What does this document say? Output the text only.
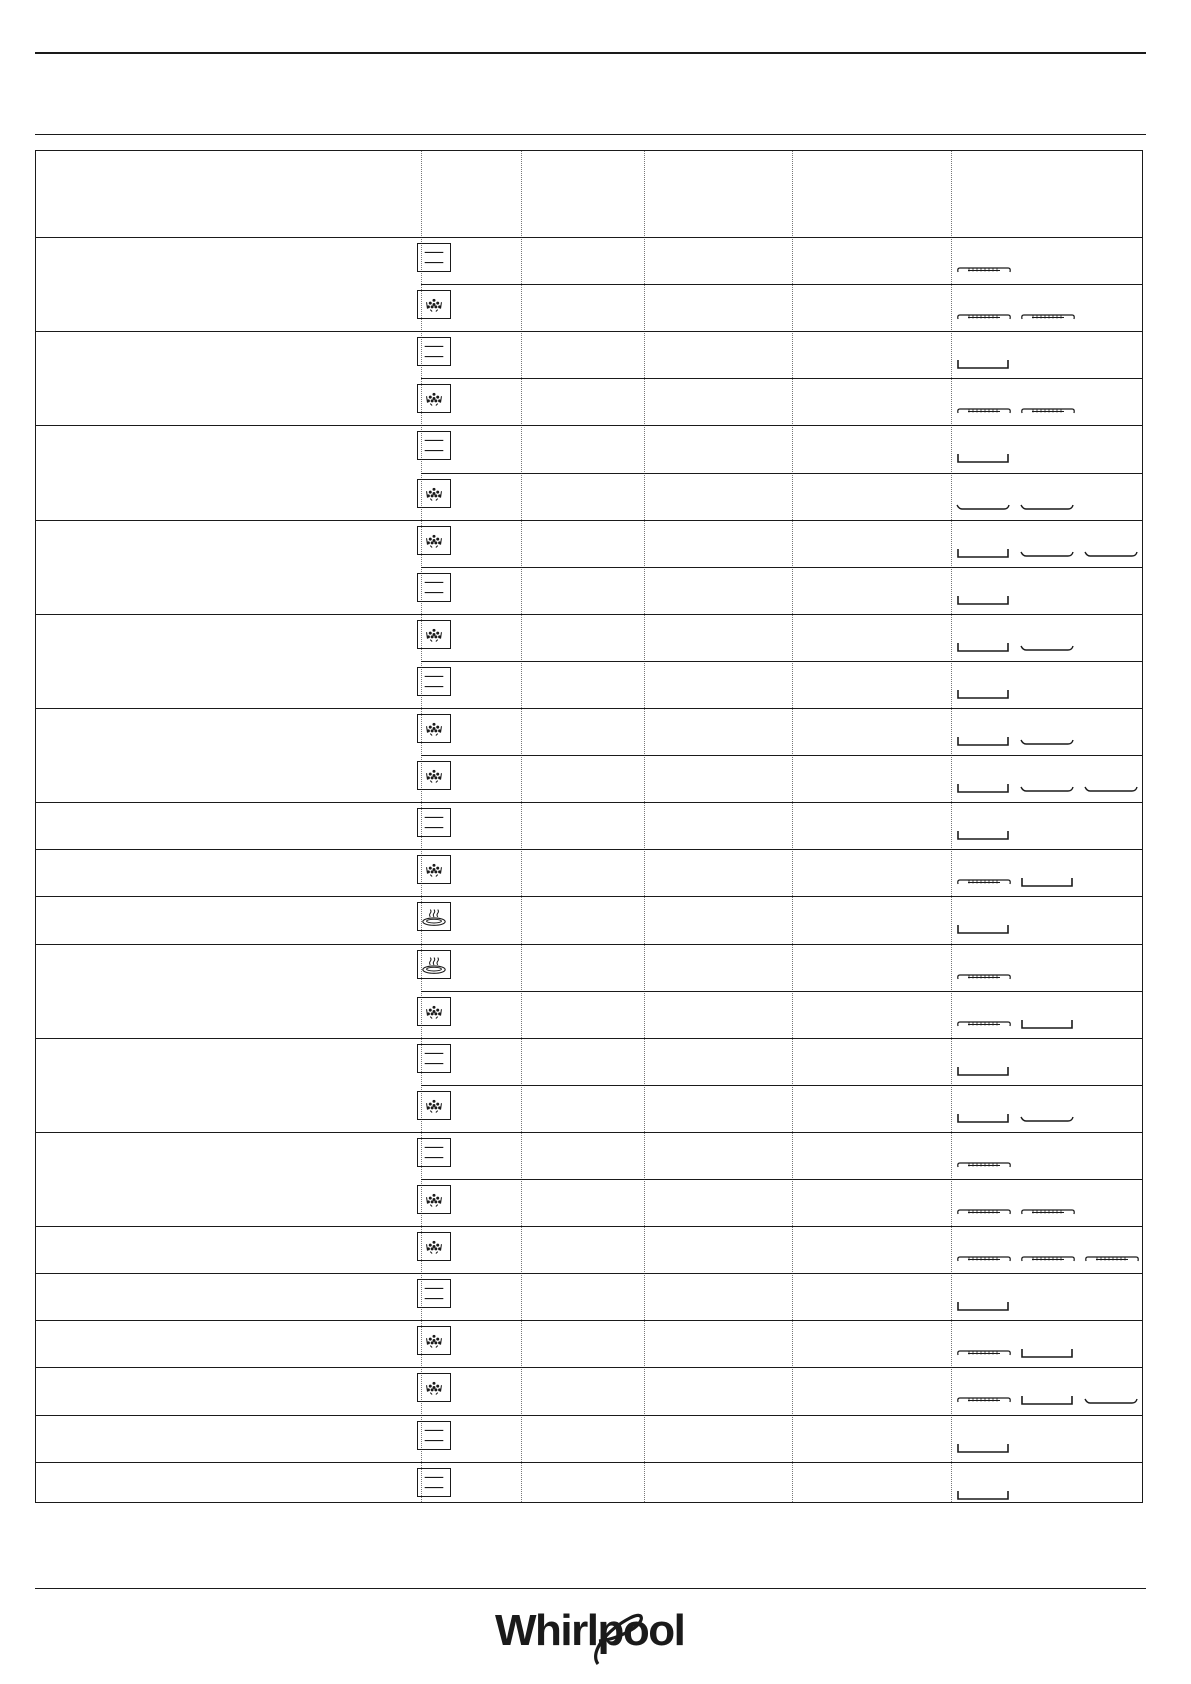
Whirlpool
